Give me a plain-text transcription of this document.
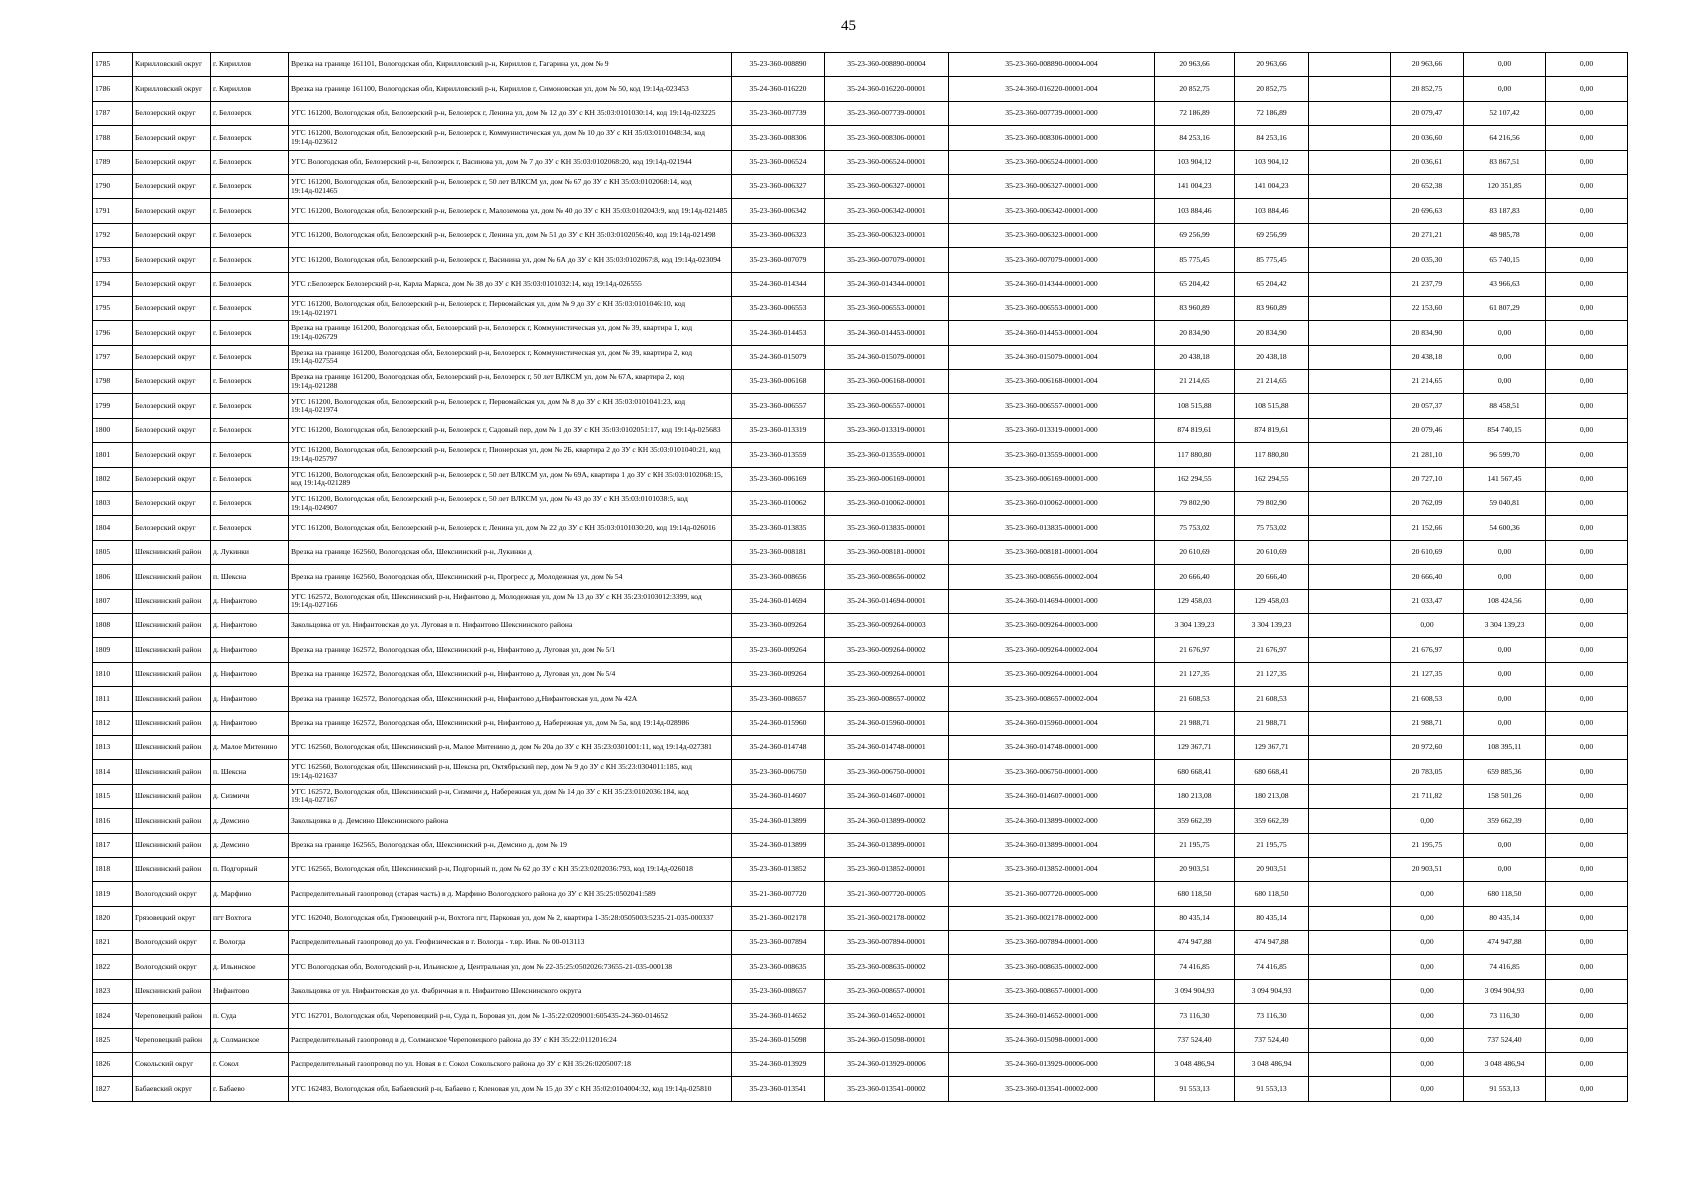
45
1785	Кирилловский округ	г. Кириллов	Врезка на границе 161101, Вологодская обл, Кирилловский р-н, Кириллов г, Гагарина ул, дом № 9	35-23-360-008890	35-23-360-008890-00004	35-23-360-008890-00004-004	20 963,66	20 963,66		20 963,66	0,00	0,00
1786	Кирилловский округ	г. Кириллов	Врезка на границе 161100, Вологодская обл, Кирилловский р-н, Кириллов г, Симоновская ул, дом № 50, код 19:14д-023453	35-24-360-016220	35-24-360-016220-00001	35-24-360-016220-00001-004	20 852,75	20 852,75		20 852,75	0,00	0,00
1787	Белозерский округ	г. Белозерск	УГС 161200, Вологодская обл, Белозерский р-н, Белозерск г, Ленина ул, дом № 12 до ЗУ с КН 35:03:0101030:14, код 19:14д-023225	35-23-360-007739	35-23-360-007739-00001	35-23-360-007739-00001-000	72 186,89	72 186,89		20 079,47	52 107,42	0,00
1788	Белозерский округ	г. Белозерск	УГС 161200, Вологодская обл, Белозерский р-н, Белозерск г, Коммунистическая ул, дом № 10 до ЗУ с КН 35:03:0101048:34, код 19:14д-023612	35-23-360-008306	35-23-360-008306-00001	35-23-360-008306-00001-000	84 253,16	84 253,16		20 036,60	64 216,56	0,00
1789	Белозерский округ	г. Белозерск	УГС Вологодская обл, Белозерский р-н, Белозерск г, Васинова ул, дом № 7 до ЗУ с КН 35:03:0102068:20, код 19:14д-021944	35-23-360-006524	35-23-360-006524-00001	35-23-360-006524-00001-000	103 904,12	103 904,12		20 036,61	83 867,51	0,00
1790	Белозерский округ	г. Белозерск	УГС 161200, Вологодская обл, Белозерский р-н, Белозерск г, 50 лет ВЛКСМ ул, дом № 67 до ЗУ с КН 35:03:0102068:14, код 19:14д-021465	35-23-360-006327	35-23-360-006327-00001	35-23-360-006327-00001-000	141 004,23	141 004,23		20 652,38	120 351,85	0,00
1791	Белозерский округ	г. Белозерск	УГС 161200, Вологодская обл, Белозерский р-н, Белозерск г, Малоземова ул, дом № 40 до ЗУ с КН 35:03:0102043:9, код 19:14д-021485	35-23-360-006342	35-23-360-006342-00001	35-23-360-006342-00001-000	103 884,46	103 884,46		20 696,63	83 187,83	0,00
1792	Белозерский округ	г. Белозерск	УГС 161200, Вологодская обл, Белозерский р-н, Белозерск г, Ленина ул, дом № 51 до ЗУ с КН 35:03:0102056:40, код 19:14д-021498	35-23-360-006323	35-23-360-006323-00001	35-23-360-006323-00001-000	69 256,99	69 256,99		20 271,21	48 985,78	0,00
1793	Белозерский округ	г. Белозерск	УГС 161200, Вологодская обл, Белозерский р-н, Белозерск г, Васинина ул, дом № 6А до ЗУ с КН 35:03:0102067:8, код 19:14д-023094	35-23-360-007079	35-23-360-007079-00001	35-23-360-007079-00001-000	85 775,45	85 775,45		20 035,30	65 740,15	0,00
1794	Белозерский округ	г. Белозерск	УГС г.Белозерск Белозерский р-н, Карла Маркса, дом № 38 до ЗУ с КН 35:03:0101032:14, код 19:14д-026555	35-24-360-014344	35-24-360-014344-00001	35-24-360-014344-00001-000	65 204,42	65 204,42		21 237,79	43 966,63	0,00
1795	Белозерский округ	г. Белозерск	УГС 161200, Вологодская обл, Белозерский р-н, Белозерск г, Первомайская ул, дом № 9 до ЗУ с КН 35:03:0101046:10, код 19:14д-021971	35-23-360-006553	35-23-360-006553-00001	35-23-360-006553-00001-000	83 960,89	83 960,89		22 153,60	61 807,29	0,00
1796	Белозерский округ	г. Белозерск	Врезка на границе 161200, Вологодская обл, Белозерский р-н, Белозерск г, Коммунистическая ул, дом № 39, квартира 1, код 19:14д-026729	35-24-360-014453	35-24-360-014453-00001	35-24-360-014453-00001-004	20 834,90	20 834,90		20 834,90	0,00	0,00
1797	Белозерский округ	г. Белозерск	Врезка на границе 161200, Вологодская обл, Белозерский р-н, Белозерск г, Коммунистическая ул, дом № 39, квартира 2, код 19:14д-027554	35-24-360-015079	35-24-360-015079-00001	35-24-360-015079-00001-004	20 438,18	20 438,18		20 438,18	0,00	0,00
1798	Белозерский округ	г. Белозерск	Врезка на границе 161200, Вологодская обл, Белозерский р-н, Белозерск г, 50 лет ВЛКСМ ул, дом № 67А, квартира 2, код 19:14д-021288	35-23-360-006168	35-23-360-006168-00001	35-23-360-006168-00001-004	21 214,65	21 214,65		21 214,65	0,00	0,00
1799	Белозерский округ	г. Белозерск	УГС 161200, Вологодская обл, Белозерский р-н, Белозерск г, Первомайская ул, дом № 8 до ЗУ с КН 35:03:0101041:23, код 19:14д-021974	35-23-360-006557	35-23-360-006557-00001	35-23-360-006557-00001-000	108 515,88	108 515,88		20 057,37	88 458,51	0,00
1800	Белозерский округ	г. Белозерск	УГС 161200, Вологодская обл, Белозерский р-н, Белозерск г, Садовый пер, дом № 1 до ЗУ с КН 35:03:0102051:17, код 19:14д-025683	35-23-360-013319	35-23-360-013319-00001	35-23-360-013319-00001-000	874 819,61	874 819,61		20 079,46	854 740,15	0,00
1801	Белозерский округ	г. Белозерск	УГС 161200, Вологодская обл, Белозерский р-н, Белозерск г, Пионерская ул, дом № 2Б, квартира 2 до ЗУ с КН 35:03:0101040:21, код 19:14д-025797	35-23-360-013559	35-23-360-013559-00001	35-23-360-013559-00001-000	117 880,80	117 880,80		21 281,10	96 599,70	0,00
1802	Белозерский округ	г. Белозерск	УГС 161200, Вологодская обл, Белозерский р-н, Белозерск г, 50 лет ВЛКСМ ул, дом № 69А, квартира 1 до ЗУ с КН 35:03:0102068:15, код 19:14д-021289	35-23-360-006169	35-23-360-006169-00001	35-23-360-006169-00001-000	162 294,55	162 294,55		20 727,10	141 567,45	0,00
1803	Белозерский округ	г. Белозерск	УГС 161200, Вологодская обл, Белозерский р-н, Белозерск г, 50 лет ВЛКСМ ул, дом № 43 до ЗУ с КН 35:03:0101038:5, код 19:14д-024907	35-23-360-010062	35-23-360-010062-00001	35-23-360-010062-00001-000	79 802,90	79 802,90		20 762,09	59 040,81	0,00
1804	Белозерский округ	г. Белозерск	УГС 161200, Вологодская обл, Белозерский р-н, Белозерск г, Ленина ул, дом № 22 до ЗУ с КН 35:03:0101030:20, код 19:14д-026016	35-23-360-013835	35-23-360-013835-00001	35-23-360-013835-00001-000	75 753,02	75 753,02		21 152,66	54 600,36	0,00
1805	Шекснинский район	д. Лукинки	Врезка на границе 162560, Вологодская обл, Шекснинский р-н, Лукинки д	35-23-360-008181	35-23-360-008181-00001	35-23-360-008181-00001-004	20 610,69	20 610,69		20 610,69	0,00	0,00
1806	Шекснинский район	п. Шексна	Врезка на границе 162560, Вологодская обл, Шекснинский р-н, Прогресс д, Молодежная ул, дом № 54	35-23-360-008656	35-23-360-008656-00002	35-23-360-008656-00002-004	20 666,40	20 666,40		20 666,40	0,00	0,00
1807	Шекснинский район	д. Нифантово	УГС 162572, Вологодская обл, Шекснинский р-н, Нифантово д, Молодежная ул, дом № 13 до ЗУ с КН 35:23:0103012:3399, код 19:14д-027166	35-24-360-014694	35-24-360-014694-00001	35-24-360-014694-00001-000	129 458,03	129 458,03		21 033,47	108 424,56	0,00
1808	Шекснинский район	д. Нифантово	Закольцовка от ул. Нифантовская до ул. Луговая в п. Нифантово Шекснинского района	35-23-360-009264	35-23-360-009264-00003	35-23-360-009264-00003-000	3 304 139,23	3 304 139,23		0,00	3 304 139,23	0,00
1809	Шекснинский район	д. Нифантово	Врезка на границе 162572, Вологодская обл, Шекснинский р-н, Нифантово д, Луговая ул, дом № 5/1	35-23-360-009264	35-23-360-009264-00002	35-23-360-009264-00002-004	21 676,97	21 676,97		21 676,97	0,00	0,00
1810	Шекснинский район	д. Нифантово	Врезка на границе 162572, Вологодская обл, Шекснинский р-н, Нифантово д, Луговая ул, дом № 5/4	35-23-360-009264	35-23-360-009264-00001	35-23-360-009264-00001-004	21 127,35	21 127,35		21 127,35	0,00	0,00
1811	Шекснинский район	д. Нифантово	Врезка на границе 162572, Вологодская обл, Шекснинский р-н, Нифантово д,Нифантовская ул, дом № 42А	35-23-360-008657	35-23-360-008657-00002	35-23-360-008657-00002-004	21 608,53	21 608,53		21 608,53	0,00	0,00
1812	Шекснинский район	д. Нифантово	Врезка на границе 162572, Вологодская обл, Шекснинский р-н, Нифантово д, Набережная ул, дом № 5а, код 19:14д-028986	35-24-360-015960	35-24-360-015960-00001	35-24-360-015960-00001-004	21 988,71	21 988,71		21 988,71	0,00	0,00
1813	Шекснинский район	д. Малое Митенино	УГС 162560, Вологодская обл, Шекснинский р-н, Малое Митенино д, дом № 20а до ЗУ с КН 35:23:0301001:11, код 19:14д-027381	35-24-360-014748	35-24-360-014748-00001	35-24-360-014748-00001-000	129 367,71	129 367,71		20 972,60	108 395,11	0,00
1814	Шекснинский район	п. Шексна	УГС 162560, Вологодская обл, Шекснинский р-н, Шексна рп, Октябрьский пер, дом № 9 до ЗУ с КН 35:23:0304011:185, код 19:14д-021637	35-23-360-006750	35-23-360-006750-00001	35-23-360-006750-00001-000	680 668,41	680 668,41		20 783,05	659 885,36	0,00
1815	Шекснинский район	д. Сизмичи	УГС 162572, Вологодская обл, Шекснинский р-н, Сизмичи д, Набережная ул, дом № 14 до ЗУ с КН 35:23:0102036:184, код 19:14д-027167	35-24-360-014607	35-24-360-014607-00001	35-24-360-014607-00001-000	180 213,08	180 213,08		21 711,82	158 501,26	0,00
1816	Шекснинский район	д. Демсино	Закольцовка в д. Демсино Шекснинского района	35-24-360-013899	35-24-360-013899-00002	35-24-360-013899-00002-000	359 662,39	359 662,39		0,00	359 662,39	0,00
1817	Шекснинский район	д. Демсино	Врезка на границе 162565, Вологодская обл, Шекснинский р-н, Демсино д, дом № 19	35-24-360-013899	35-24-360-013899-00001	35-24-360-013899-00001-004	21 195,75	21 195,75		21 195,75	0,00	0,00
1818	Шекснинский район	п. Подгорный	УГС 162565, Вологодская обл, Шекснинский р-н, Подгорный п, дом № 62 до ЗУ с КН 35:23:0202036:793, код 19:14д-026018	35-23-360-013852	35-23-360-013852-00001	35-23-360-013852-00001-004	20 903,51	20 903,51		20 903,51	0,00	0,00
1819	Вологодский округ	д. Марфино	Распределительный газопровод (старая часть) в д. Марфино Вологодского района до ЗУ с КН 35:25:0502041:589	35-21-360-007720	35-21-360-007720-00005	35-21-360-007720-00005-000	680 118,50	680 118,50		0,00	680 118,50	0,00
1820	Грязовецкий округ	пгт Вохтога	УГС 162040, Вологодская обл, Грязовецкий р-н, Вохтога пгт, Парковая ул, дом № 2, квартира 1-35:28:0505003:5235-21-035-000337	35-21-360-002178	35-21-360-002178-00002	35-21-360-002178-00002-000	80 435,14	80 435,14		0,00	80 435,14	0,00
1821	Вологодский округ	г. Вологда	Распределительный газопровод до ул. Геофизическая в г. Вологда - т.вр. Инв. № 00-013113	35-23-360-007894	35-23-360-007894-00001	35-23-360-007894-00001-000	474 947,88	474 947,88		0,00	474 947,88	0,00
1822	Вологодский округ	д. Ильинское	УГС Вологодская обл, Вологодский р-н, Ильинское д, Центральная ул, дом № 22-35:25:0502026:73655-21-035-000138	35-23-360-008635	35-23-360-008635-00002	35-23-360-008635-00002-000	74 416,85	74 416,85		0,00	74 416,85	0,00
1823	Шекснинский район	Нифантово	Закольцовка от ул. Нифантовская до ул. Фабричная в п. Нифантово Шекснинского округа	35-23-360-008657	35-23-360-008657-00001	35-23-360-008657-00001-000	3 094 904,93	3 094 904,93		0,00	3 094 904,93	0,00
1824	Череповецкий район	п. Суда	УГС 162701, Вологодская обл, Череповецкий р-н, Суда п, Боровая ул, дом № 1-35:22:0209001:605435-24-360-014652	35-24-360-014652	35-24-360-014652-00001	35-24-360-014652-00001-000	73 116,30	73 116,30		0,00	73 116,30	0,00
1825	Череповецкий район	д. Солманское	Распределительный газопровод в д. Солманское Череповецкого района до ЗУ с КН 35:22:0112016:24	35-24-360-015098	35-24-360-015098-00001	35-24-360-015098-00001-000	737 524,40	737 524,40		0,00	737 524,40	0,00
1826	Сокольский округ	г. Сокол	Распределительный газопровод по ул. Новая в г. Сокол Сокольского района до ЗУ с КН 35:26:0205007:18	35-24-360-013929	35-24-360-013929-00006	35-24-360-013929-00006-000	3 048 486,94	3 048 486,94		0,00	3 048 486,94	0,00
1827	Бабаевский округ	г. Бабаево	УГС 162483, Вологодская обл, Бабаевский р-н, Бабаево г, Кленовая ул, дом № 15 до ЗУ с КН 35:02:0104004:32, код 19:14д-025810	35-23-360-013541	35-23-360-013541-00002	35-23-360-013541-00002-000	91 553,13	91 553,13		0,00	91 553,13	0,00
